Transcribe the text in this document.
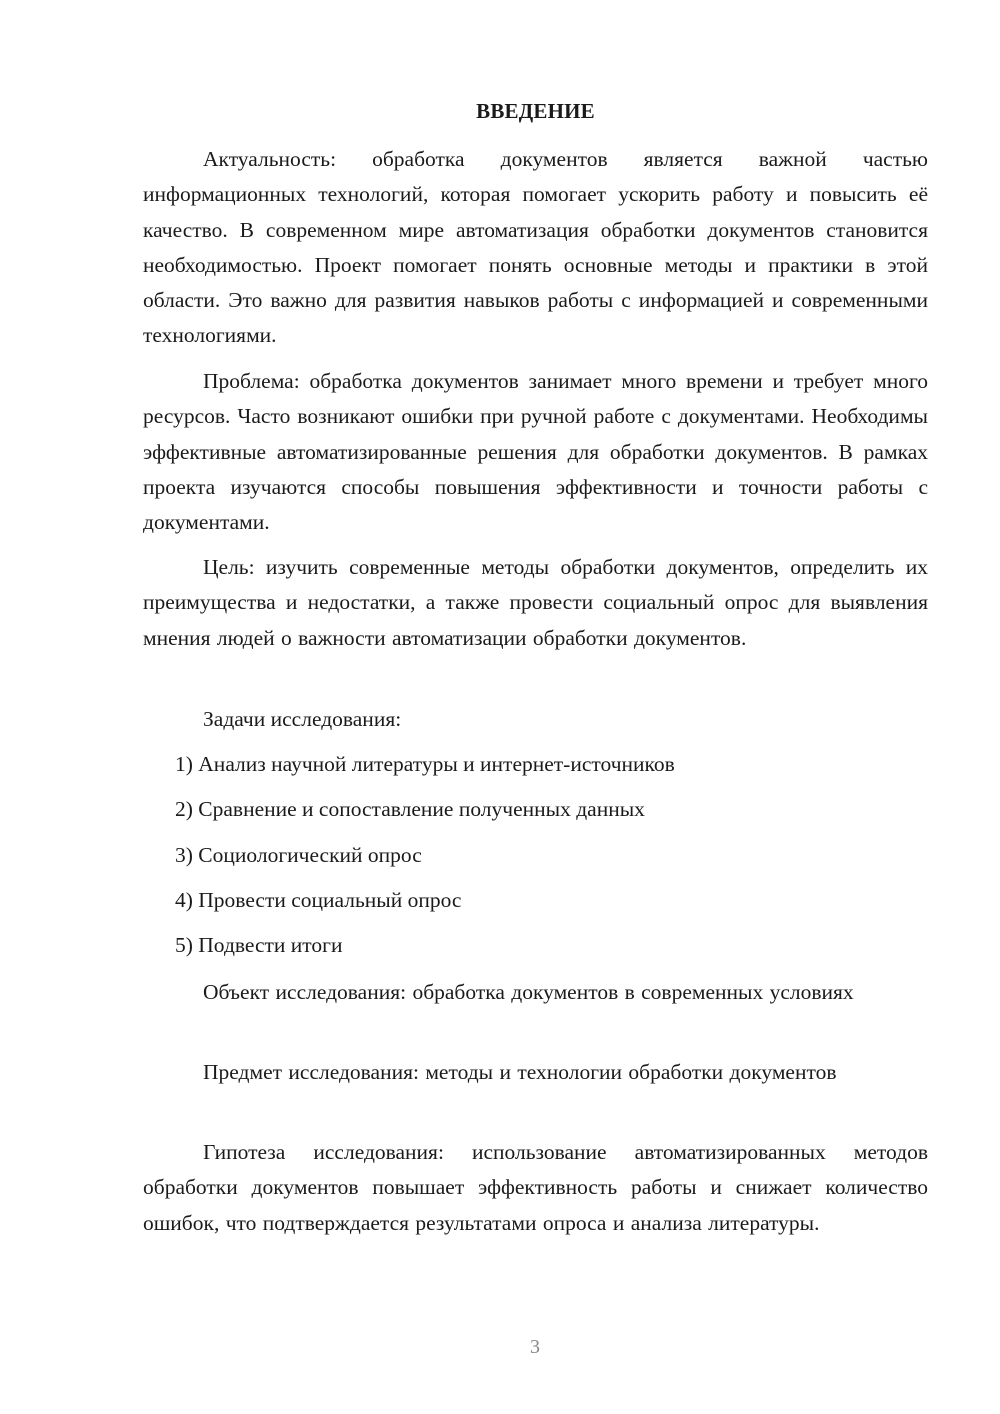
ВВЕДЕНИЕ

Актуальность: обработка документов является важной частью информационных технологий, которая помогает ускорить работу и повысить её качество. В современном мире автоматизация обработки документов становится необходимостью. Проект помогает понять основные методы и практики в этой области. Это важно для развития навыков работы с информацией и современными технологиями.

Проблема: обработка документов занимает много времени и требует много ресурсов. Часто возникают ошибки при ручной работе с документами. Необходимы эффективные автоматизированные решения для обработки документов. В рамках проекта изучаются способы повышения эффективности и точности работы с документами.

Цель: изучить современные методы обработки документов, определить их преимущества и недостатки, а также провести социальный опрос для выявления мнения людей о важности автоматизации обработки документов.

Задачи исследования:

1) Анализ научной литературы и интернет-источников

2) Сравнение и сопоставление полученных данных

3) Социологический опрос

4) Провести социальный опрос

5) Подвести итоги

Объект исследования: обработка документов в современных условиях

Предмет исследования: методы и технологии обработки документов

Гипотеза исследования: использование автоматизированных методов обработки документов повышает эффективность работы и снижает количество ошибок, что подтверждается результатами опроса и анализа литературы.

3
